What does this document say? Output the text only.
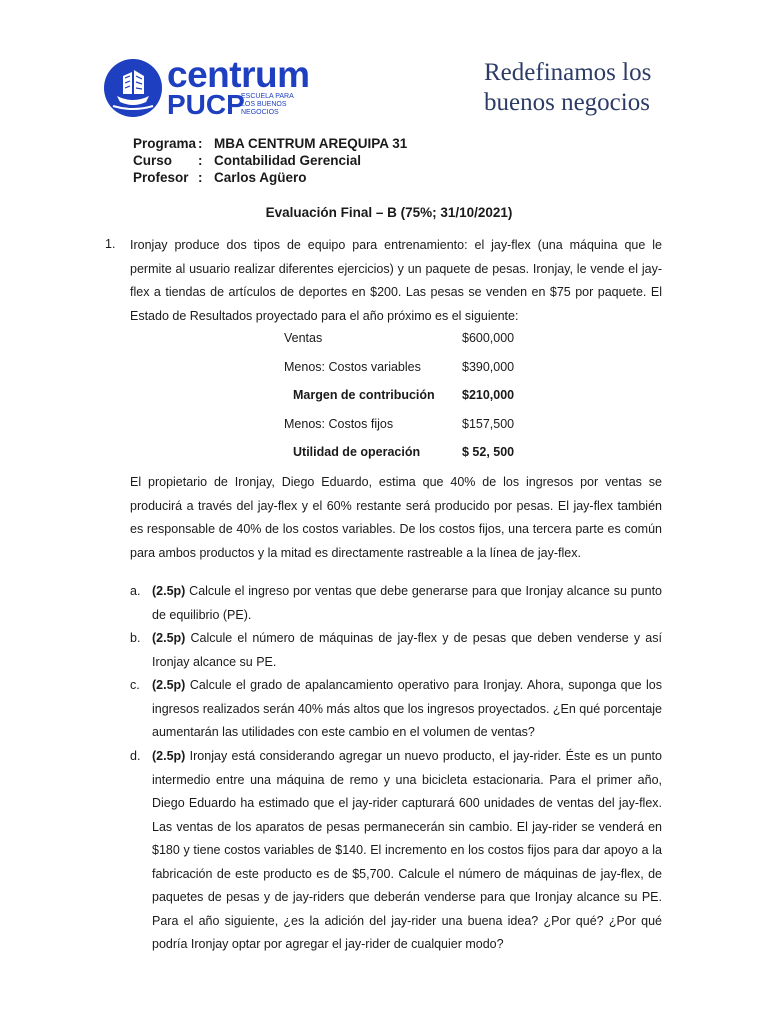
centrum
PUCP
ESCUELA PARA
LOS BUENOS
NEGOCIOS
Redefinamos los
buenos negocios
Programa : MBA CENTRUM AREQUIPA 31
Curso	: Contabilidad Gerencial
Profesor : Carlos Agüero
Evaluación Final – B (75%; 31/10/2021)
1. Ironjay produce dos tipos de equipo para entrenamiento: el jay-flex (una máquina que le permite al usuario realizar diferentes ejercicios) y un paquete de pesas. Ironjay, le vende el jay-flex a tiendas de artículos de deportes en $200. Las pesas se venden en $75 por paquete. El Estado de Resultados proyectado para el año próximo es el siguiente:
Ventas	$600,000
Menos: Costos variables	$390,000
Margen de contribución $210,000
Menos: Costos fijos	$157,500
Utilidad de operación	$ 52, 500
El propietario de Ironjay, Diego Eduardo, estima que 40% de los ingresos por ventas se producirá a través del jay-flex y el 60% restante será producido por pesas. El jay-flex también es responsable de 40% de los costos variables. De los costos fijos, una tercera parte es común para ambos productos y la mitad es directamente rastreable a la línea de jay-flex.
a. (2.5p) Calcule el ingreso por ventas que debe generarse para que Ironjay alcance su punto de equilibrio (PE).
b. (2.5p) Calcule el número de máquinas de jay-flex y de pesas que deben venderse y así Ironjay alcance su PE.
c. (2.5p) Calcule el grado de apalancamiento operativo para Ironjay. Ahora, suponga que los ingresos realizados serán 40% más altos que los ingresos proyectados. ¿En qué porcentaje aumentarán las utilidades con este cambio en el volumen de ventas?
d. (2.5p) Ironjay está considerando agregar un nuevo producto, el jay-rider. Éste es un punto intermedio entre una máquina de remo y una bicicleta estacionaria. Para el primer año, Diego Eduardo ha estimado que el jay-rider capturará 600 unidades de ventas del jay-flex. Las ventas de los aparatos de pesas permanecerán sin cambio. El jay-rider se venderá en $180 y tiene costos variables de $140. El incremento en los costos fijos para dar apoyo a la fabricación de este producto es de $5,700. Calcule el número de máquinas de jay-flex, de paquetes de pesas y de jay-riders que deberán venderse para que Ironjay alcance su PE. Para el año siguiente, ¿es la adición del jay-rider una buena idea? ¿Por qué? ¿Por qué podría Ironjay optar por agregar el jay-rider de cualquier modo?
